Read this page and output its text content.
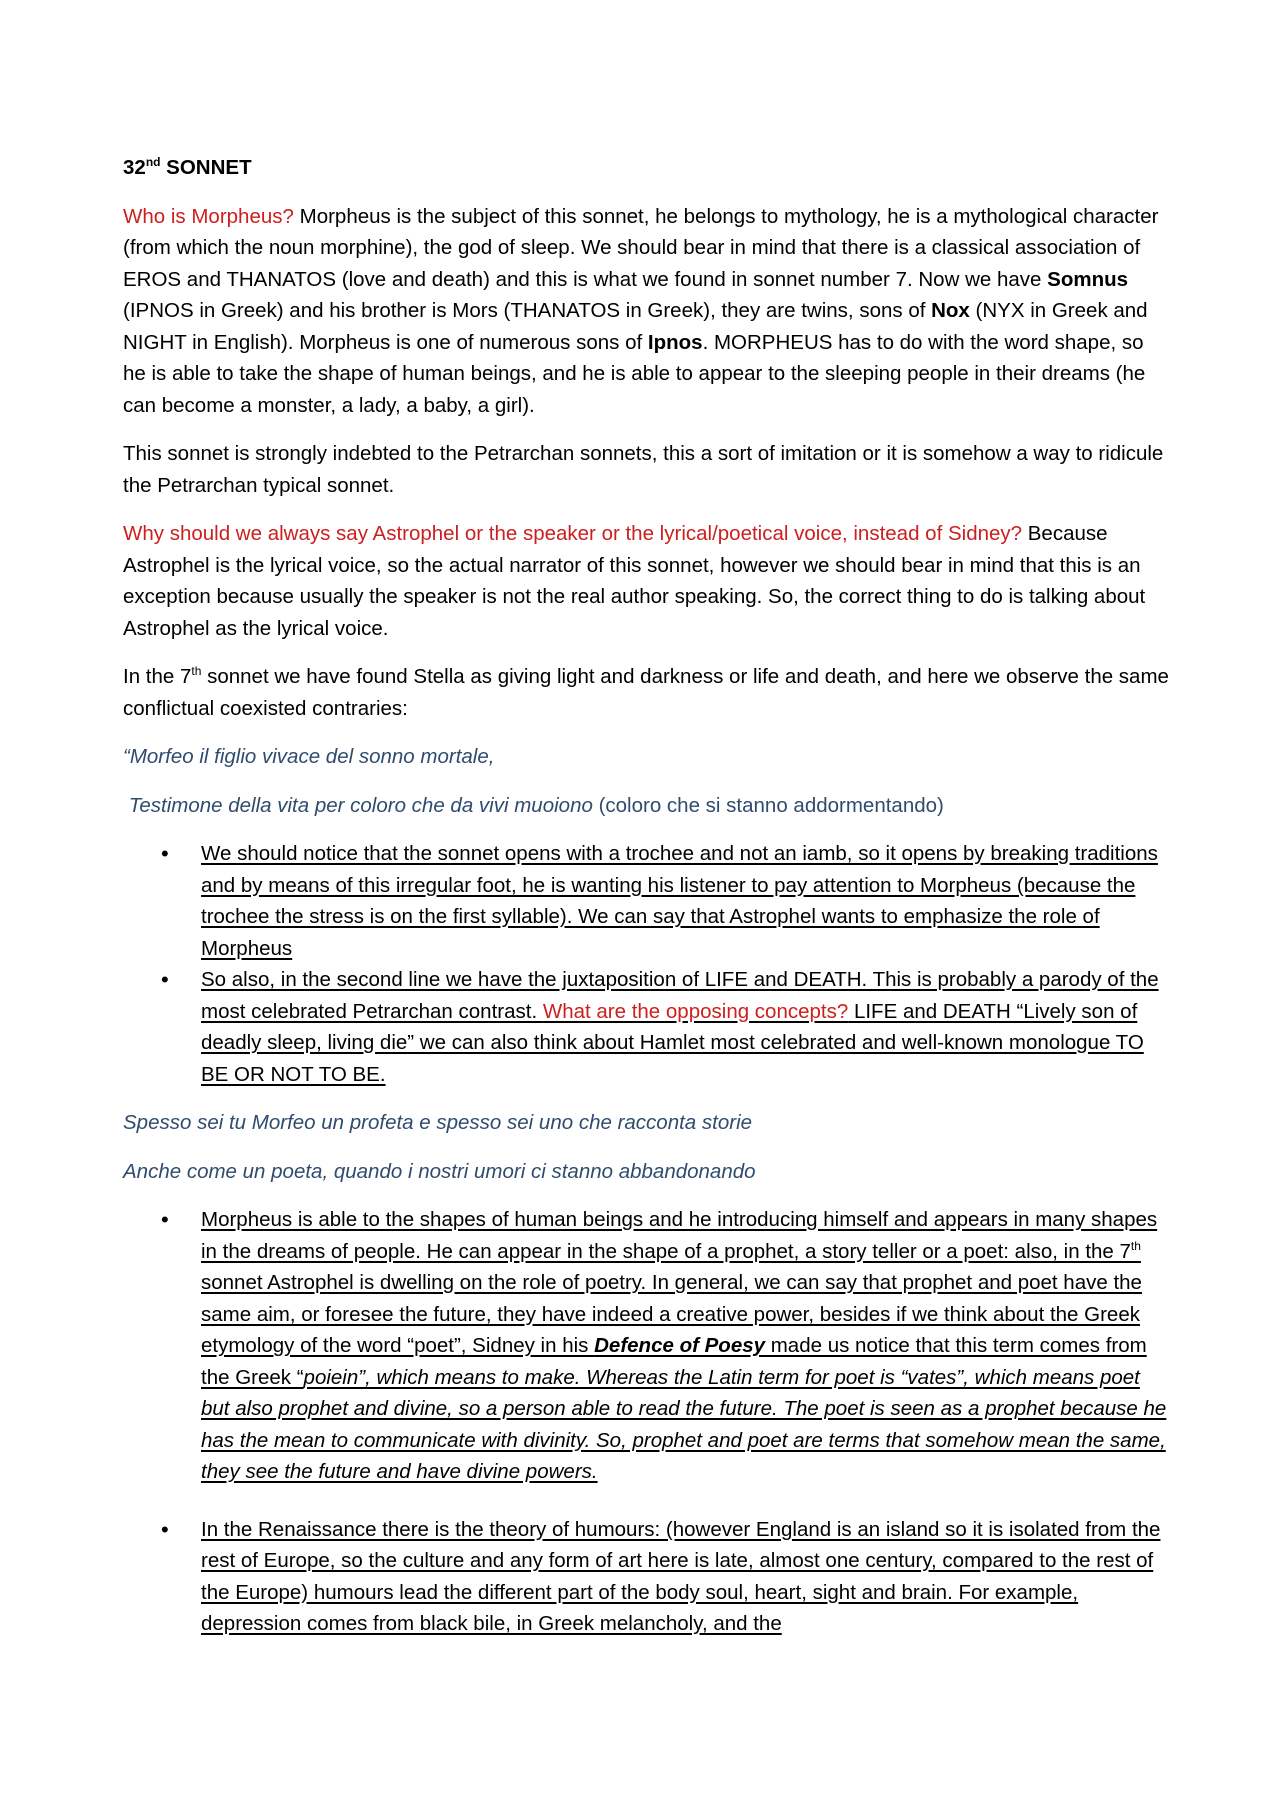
32nd SONNET

Who is Morpheus? Morpheus is the subject of this sonnet, he belongs to mythology, he is a mythological character (from which the noun morphine), the god of sleep. We should bear in mind that there is a classical association of EROS and THANATOS (love and death) and this is what we found in sonnet number 7. Now we have Somnus (IPNOS in Greek) and his brother is Mors (THANATOS in Greek), they are twins, sons of Nox (NYX in Greek and NIGHT in English). Morpheus is one of numerous sons of Ipnos. MORPHEUS has to do with the word shape, so he is able to take the shape of human beings, and he is able to appear to the sleeping people in their dreams (he can become a monster, a lady, a baby, a girl).

This sonnet is strongly indebted to the Petrarchan sonnets, this a sort of imitation or it is somehow a way to ridicule the Petrarchan typical sonnet.

Why should we always say Astrophel or the speaker or the lyrical/poetical voice, instead of Sidney? Because Astrophel is the lyrical voice, so the actual narrator of this sonnet, however we should bear in mind that this is an exception because usually the speaker is not the real author speaking. So, the correct thing to do is talking about Astrophel as the lyrical voice.

In the 7th sonnet we have found Stella as giving light and darkness or life and death, and here we observe the same conflictual coexisted contraries:

“Morfeo il figlio vivace del sonno mortale,

Testimone della vita per coloro che da vivi muoiono (coloro che si stanno addormentando)

• We should notice that the sonnet opens with a trochee and not an iamb, so it opens by breaking traditions and by means of this irregular foot, he is wanting his listener to pay attention to Morpheus (because the trochee the stress is on the first syllable). We can say that Astrophel wants to emphasize the role of Morpheus
• So also, in the second line we have the juxtaposition of LIFE and DEATH. This is probably a parody of the most celebrated Petrarchan contrast. What are the opposing concepts? LIFE and DEATH “Lively son of deadly sleep, living die” we can also think about Hamlet most celebrated and well-known monologue TO BE OR NOT TO BE.

Spesso sei tu Morfeo un profeta e spesso sei uno che racconta storie

Anche come un poeta, quando i nostri umori ci stanno abbandonando

• Morpheus is able to the shapes of human beings and he introducing himself and appears in many shapes in the dreams of people. He can appear in the shape of a prophet, a story teller or a poet: also, in the 7th sonnet Astrophel is dwelling on the role of poetry. In general, we can say that prophet and poet have the same aim, or foresee the future, they have indeed a creative power, besides if we think about the Greek etymology of the word “poet”, Sidney in his Defence of Poesy made us notice that this term comes from the Greek “poiein”, which means to make. Whereas the Latin term for poet is “vates”, which means poet but also prophet and divine, so a person able to read the future. The poet is seen as a prophet because he has the mean to communicate with divinity. So, prophet and poet are terms that somehow mean the same, they see the future and have divine powers.
• In the Renaissance there is the theory of humours: (however England is an island so it is isolated from the rest of Europe, so the culture and any form of art here is late, almost one century, compared to the rest of the Europe) humours lead the different part of the body soul, heart, sight and brain. For example, depression comes from black bile, in Greek melancholy, and the
